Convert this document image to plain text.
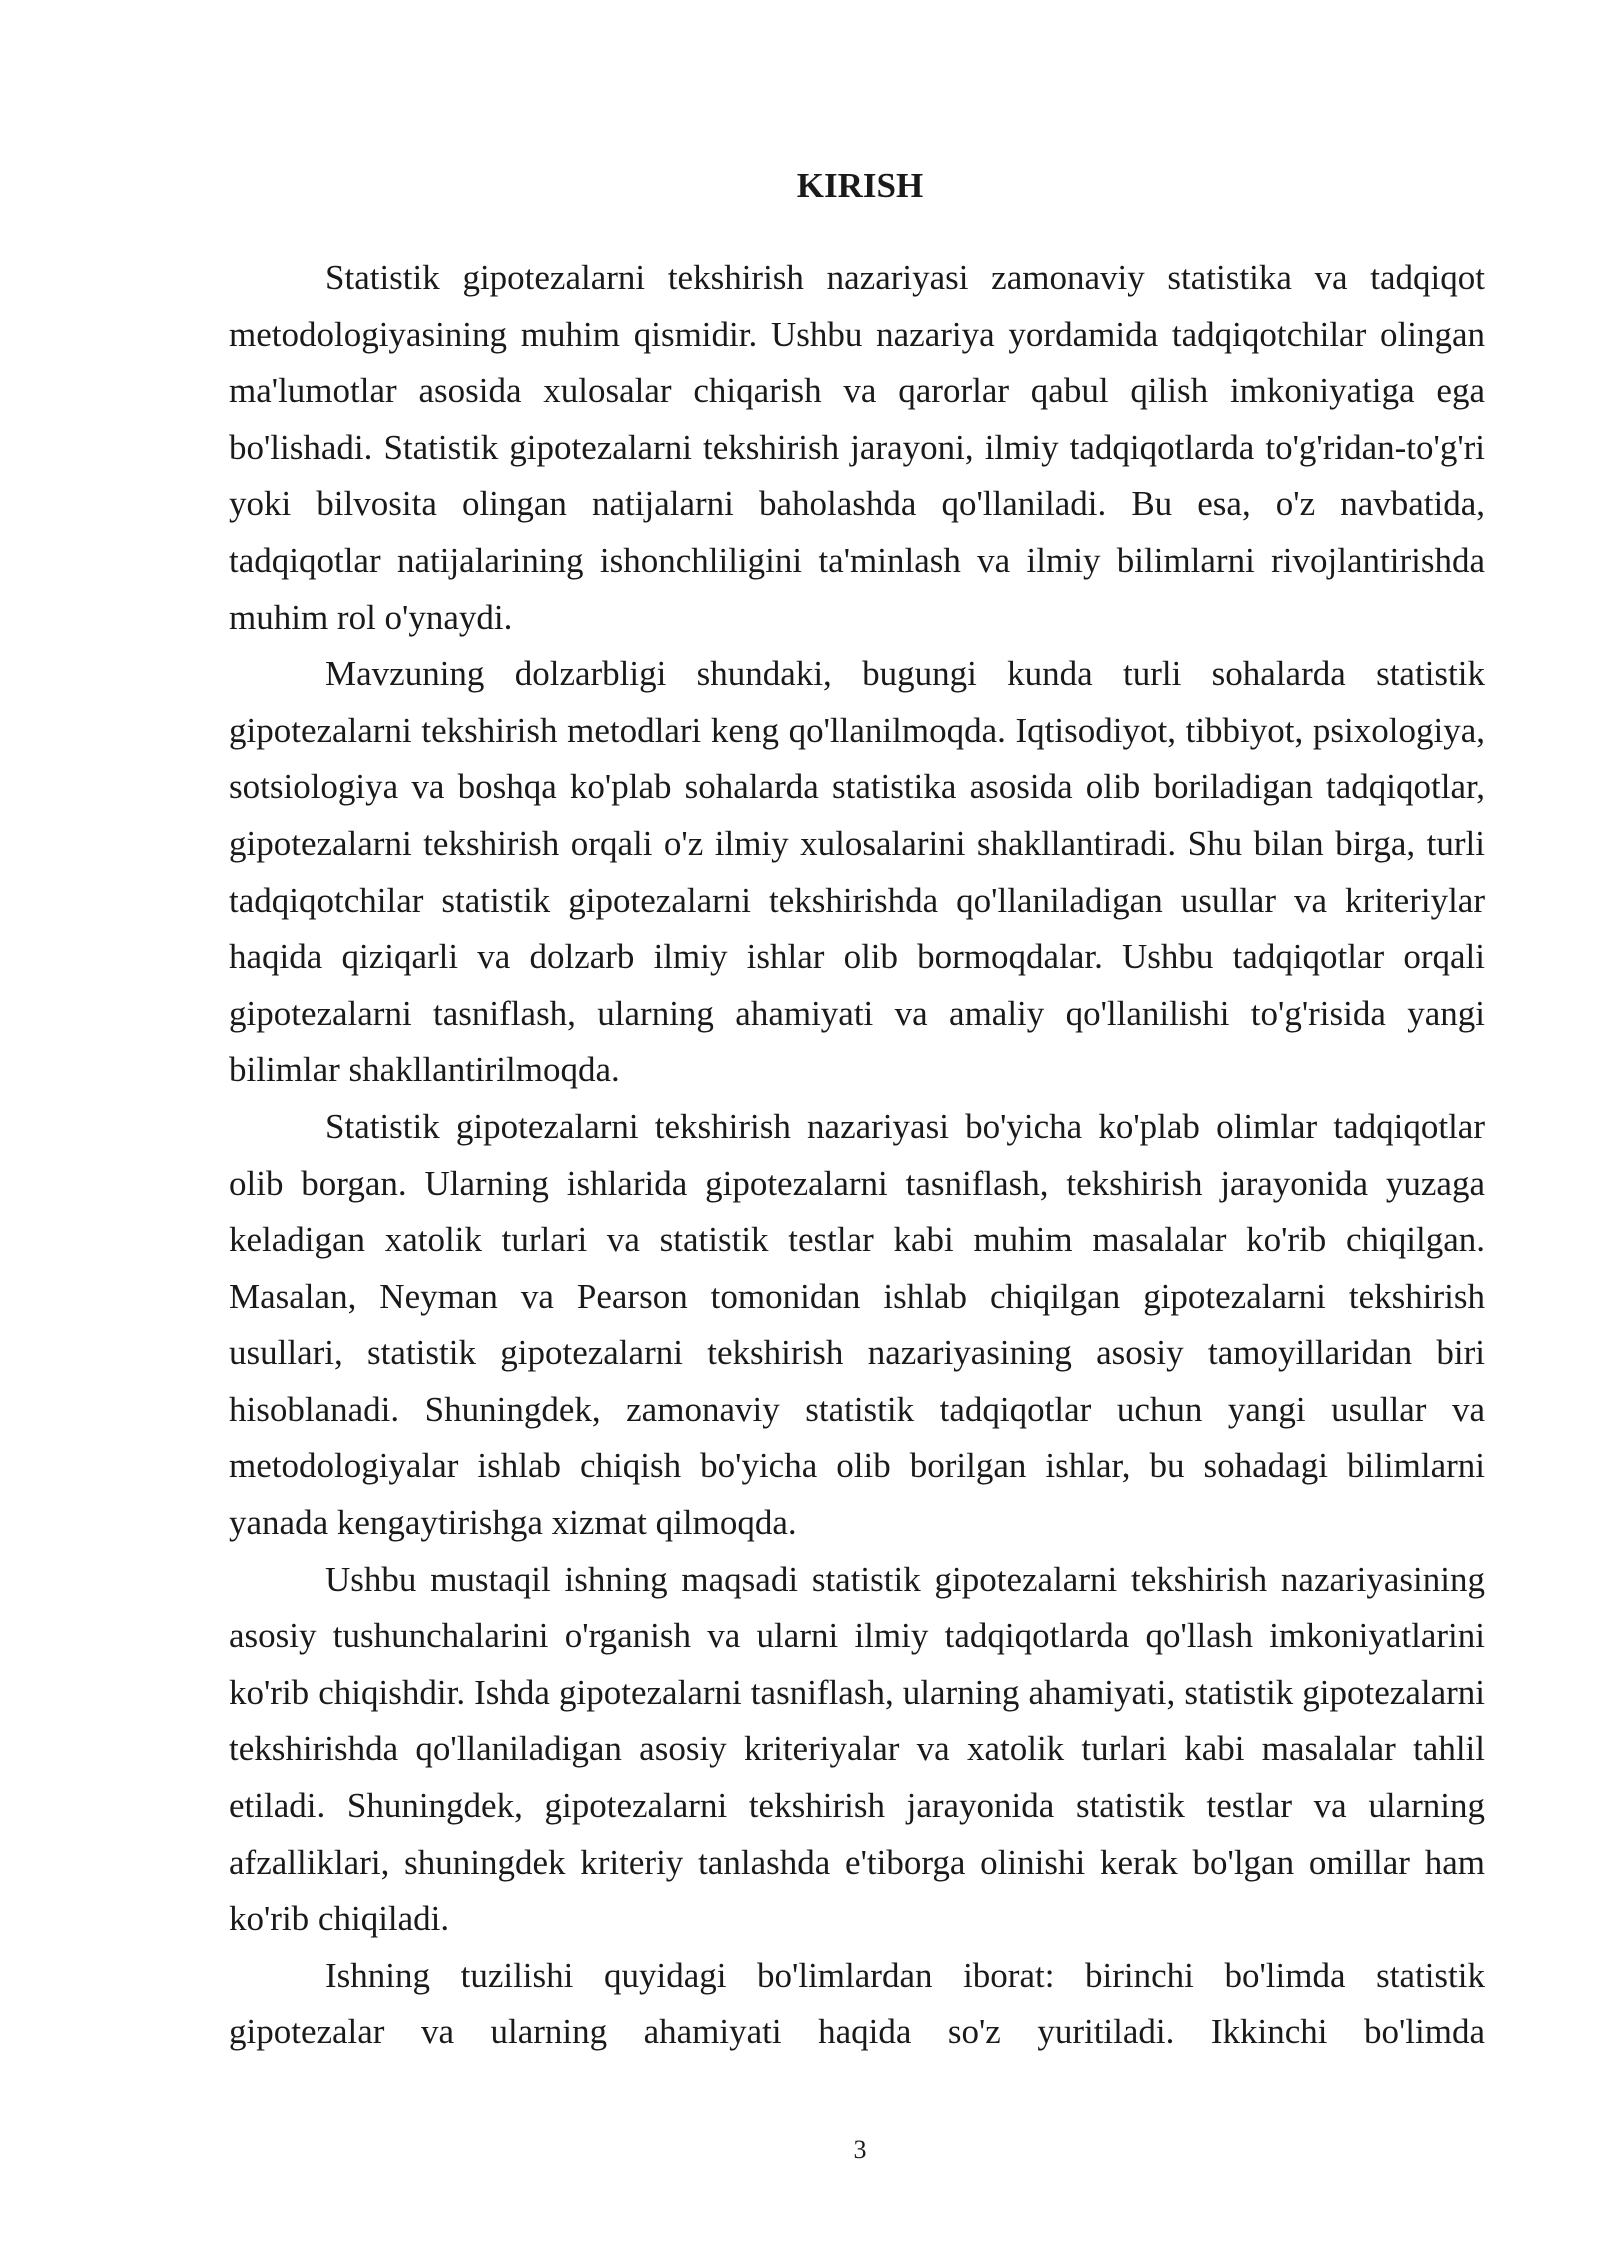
KIRISH

Statistik gipotezalarni tekshirish nazariyasi zamonaviy statistika va tadqiqot metodologiyasining muhim qismidir. Ushbu nazariya yordamida tadqiqotchilar olingan ma'lumotlar asosida xulosalar chiqarish va qarorlar qabul qilish imkoniyatiga ega bo'lishadi. Statistik gipotezalarni tekshirish jarayoni, ilmiy tadqiqotlarda to'g'ridan-to'g'ri yoki bilvosita olingan natijalarni baholashda qo'llaniladi. Bu esa, o'z navbatida, tadqiqotlar natijalarining ishonchliligini ta'minlash va ilmiy bilimlarni rivojlantirishda muhim rol o'ynaydi.

Mavzuning dolzarbligi shundaki, bugungi kunda turli sohalarda statistik gipotezalarni tekshirish metodlari keng qo'llanilmoqda. Iqtisodiyot, tibbiyot, psixologiya, sotsiologiya va boshqa ko'plab sohalarda statistika asosida olib boriladigan tadqiqotlar, gipotezalarni tekshirish orqali o'z ilmiy xulosalarini shakllantiradi. Shu bilan birga, turli tadqiqotchilar statistik gipotezalarni tekshirishda qo'llaniladigan usullar va kriteriylar haqida qiziqarli va dolzarb ilmiy ishlar olib bormoqdalar. Ushbu tadqiqotlar orqali gipotezalarni tasniflash, ularning ahamiyati va amaliy qo'llanilishi to'g'risida yangi bilimlar shakllantirilmoqda.

Statistik gipotezalarni tekshirish nazariyasi bo'yicha ko'plab olimlar tadqiqotlar olib borgan. Ularning ishlarida gipotezalarni tasniflash, tekshirish jarayonida yuzaga keladigan xatolik turlari va statistik testlar kabi muhim masalalar ko'rib chiqilgan. Masalan, Neyman va Pearson tomonidan ishlab chiqilgan gipotezalarni tekshirish usullari, statistik gipotezalarni tekshirish nazariyasining asosiy tamoyillaridan biri hisoblanadi. Shuningdek, zamonaviy statistik tadqiqotlar uchun yangi usullar va metodologiyalar ishlab chiqish bo'yicha olib borilgan ishlar, bu sohadagi bilimlarni yanada kengaytirishga xizmat qilmoqda.

Ushbu mustaqil ishning maqsadi statistik gipotezalarni tekshirish nazariyasining asosiy tushunchalarini o'rganish va ularni ilmiy tadqiqotlarda qo'llash imkoniyatlarini ko'rib chiqishdir. Ishda gipotezalarni tasniflash, ularning ahamiyati, statistik gipotezalarni tekshirishda qo'llaniladigan asosiy kriteriyalar va xatolik turlari kabi masalalar tahlil etiladi. Shuningdek, gipotezalarni tekshirish jarayonida statistik testlar va ularning afzalliklari, shuningdek kriteriy tanlashda e'tiborga olinishi kerak bo'lgan omillar ham ko'rib chiqiladi.

Ishning tuzilishi quyidagi bo'limlardan iborat: birinchi bo'limda statistik gipotezalar va ularning ahamiyati haqida so'z yuritiladi. Ikkinchi bo'limda

3
